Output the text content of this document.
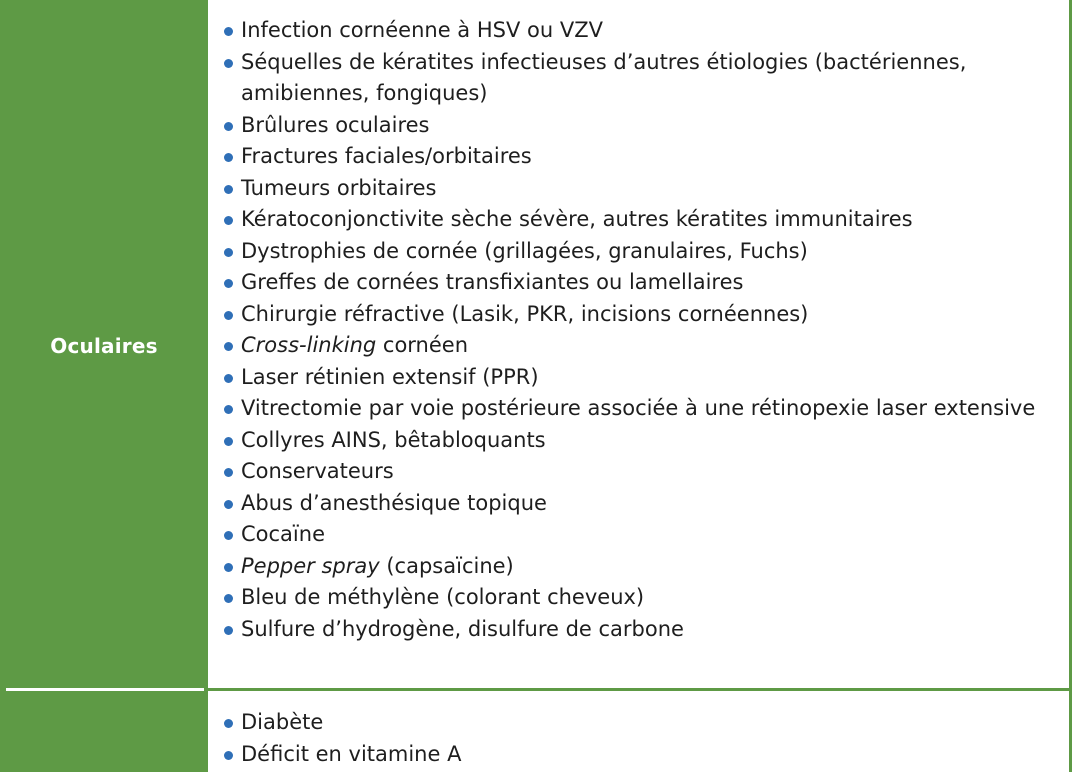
Oculaires
Infection cornéenne à HSV ou VZV
Séquelles de kératites infectieuses d’autres étiologies (bactériennes, amibiennes, fongiques)
Brûlures oculaires
Fractures faciales/orbitaires
Tumeurs orbitaires
Kératoconjonctivite sèche sévère, autres kératites immunitaires
Dystrophies de cornée (grillagées, granulaires, Fuchs)
Greffes de cornées transfixiantes ou lamellaires
Chirurgie réfractive (Lasik, PKR, incisions cornéennes)
Cross-linking cornéen
Laser rétinien extensif (PPR)
Vitrectomie par voie postérieure associée à une rétinopexie laser extensive
Collyres AINS, bêtabloquants
Conservateurs
Abus d’anesthésique topique
Cocaïne
Pepper spray (capsaïcine)
Bleu de méthylène (colorant cheveux)
Sulfure d’hydrogène, disulfure de carbone
Diabète
Déficit en vitamine A
